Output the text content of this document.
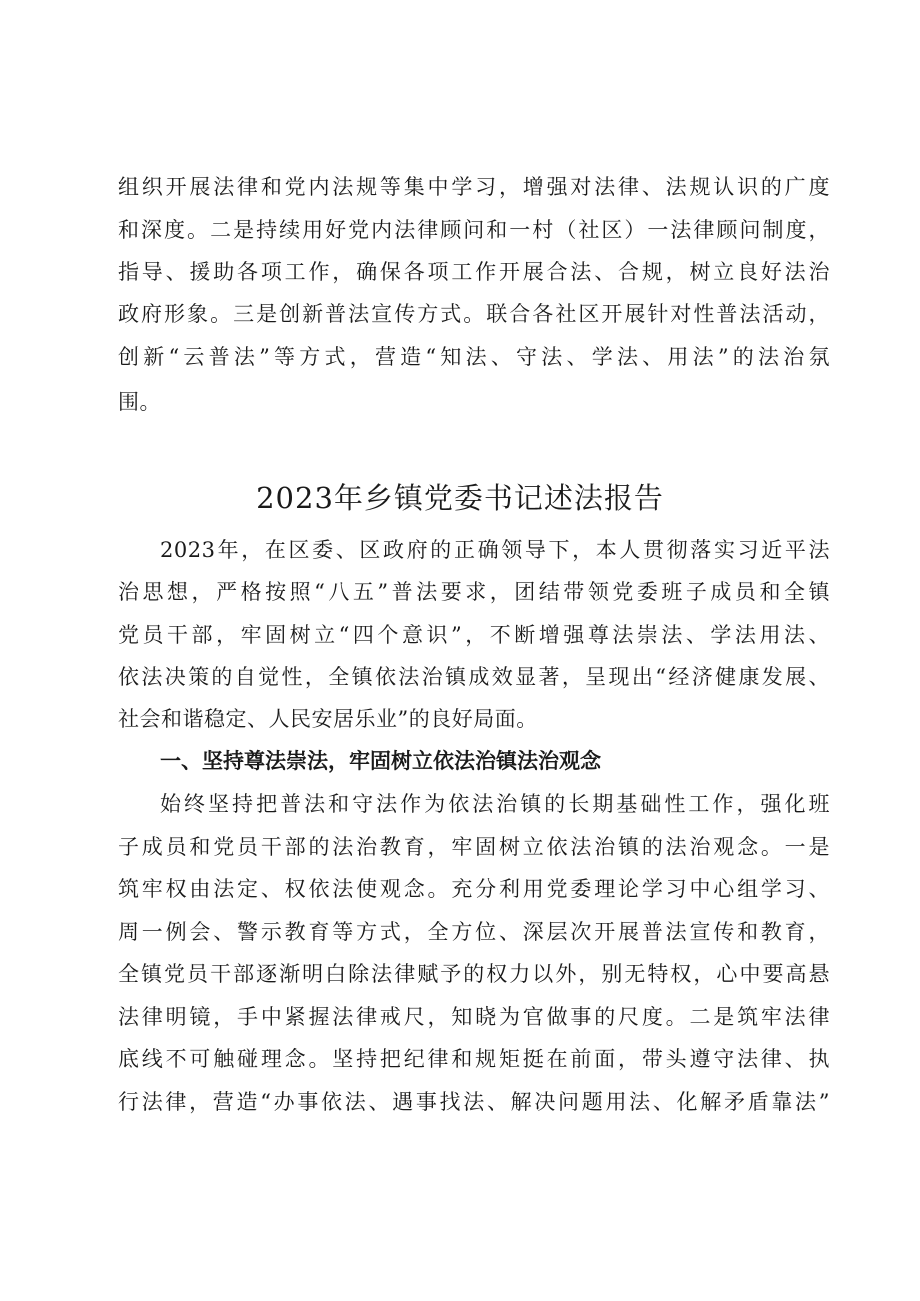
组织开展法律和党内法规等集中学习，增强对法律、法规认识的广度
和深度。二是持续用好党内法律顾问和一村（社区）一法律顾问制度，
指导、援助各项工作，确保各项工作开展合法、合规，树立良好法治
政府形象。三是创新普法宣传方式。联合各社区开展针对性普法活动，
创新“云普法”等方式，营造“知法、守法、学法、用法”的法治氛
围。
2023年乡镇党委书记述法报告
2023年，在区委、区政府的正确领导下，本人贯彻落实习近平法
治思想，严格按照“八五”普法要求，团结带领党委班子成员和全镇
党员干部，牢固树立“四个意识”，不断增强尊法崇法、学法用法、
依法决策的自觉性，全镇依法治镇成效显著，呈现出“经济健康发展、
社会和谐稳定、人民安居乐业”的良好局面。
一、坚持尊法崇法，牢固树立依法治镇法治观念
始终坚持把普法和守法作为依法治镇的长期基础性工作，强化班
子成员和党员干部的法治教育，牢固树立依法治镇的法治观念。一是
筑牢权由法定、权依法使观念。充分利用党委理论学习中心组学习、
周一例会、警示教育等方式，全方位、深层次开展普法宣传和教育，
全镇党员干部逐渐明白除法律赋予的权力以外，别无特权，心中要高悬
法律明镜，手中紧握法律戒尺，知晓为官做事的尺度。二是筑牢法律
底线不可触碰理念。坚持把纪律和规矩挺在前面，带头遵守法律、执
行法律，营造“办事依法、遇事找法、解决问题用法、化解矛盾靠法”
